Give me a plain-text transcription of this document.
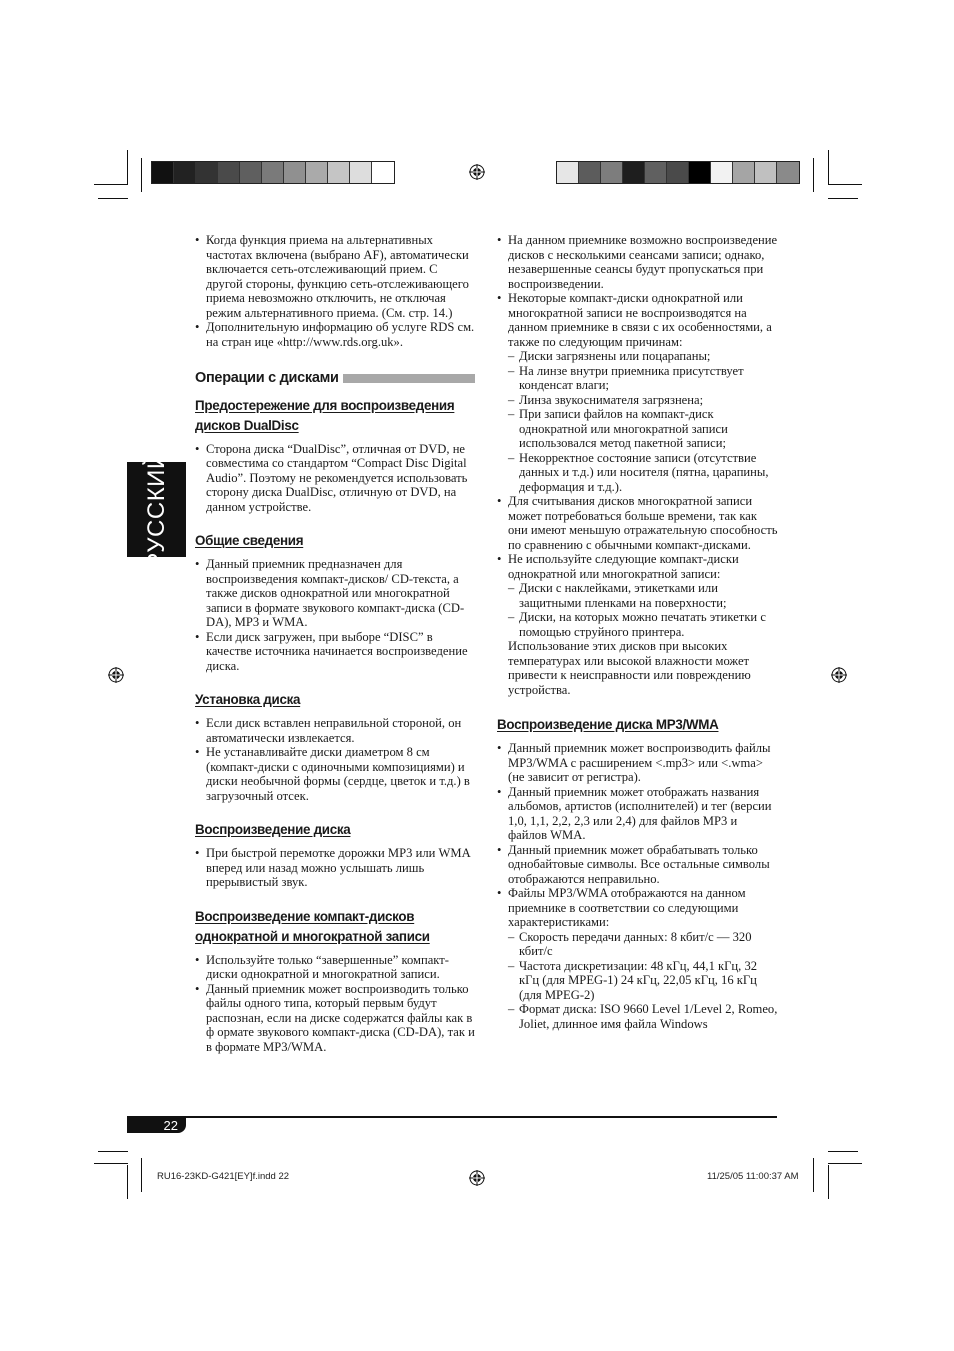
РУССКИЙ
• Когда функция приема на альтернативных частотах включена (выбрано AF), автоматически включается сеть-отслеживающий прием. С другой стороны, функцию сеть-отслеживающего приема невозможно отключить, не отключая режим альтернативного приема. (См. стр. 14.)
• Дополнительную информацию об услуге RDS см. на стран ице «http://www.rds.org.uk».
Операции с дисками
Предостережение для воспроизведения дисков DualDisc
• Сторона диска “DualDisc”, отличная от DVD, не совместима со стандартом “Compact Disc Digital Audio”. Поэтому не рекомендуется использовать сторону диска DualDisc, отличную от DVD, на данном устройстве.
Общие сведения
• Данный приемник предназначен для воспроизведения компакт-дисков/ CD-текста, а также дисков однократной или многократной записи в формате звукового компакт-диска (CD-DA), MP3 и WMA.
• Если диск загружен, при выборе “DISC” в качестве источника начинается воспроизведение диска.
Установка диска
• Если диск вставлен неправильной стороной, он автоматически извлекается.
• Не устанавливайте диски диаметром 8 см (компакт-диски с одиночными композициями) и диски необычной формы (сердце, цветок и т.д.) в загрузочный отсек.
Воспроизведение диска
• При быстрой перемотке дорожки MP3 или WMA вперед или назад можно услышать лишь прерывистый звук.
Воспроизведение компакт-дисков однократной и многократной записи
• Используйте только “завершенные” компакт-диски однократной и многократной записи.
• Данный приемник может воспроизводить только файлы одного типа, который первым будут распознан, если на диске содержатся файлы как в ф ормате звукового компакт-диска (CD-DA), так и в формате MP3/WMA.
• На данном приемнике возможно воспроизведение дисков с несколькими сеансами записи; однако, незавершенные сеансы будут пропускаться при воспроизведении.
• Некоторые компакт-диски однократной или многократной записи не воспроизводятся на данном приемнике в связи с их особенностями, а также по следующим причинам:
– Диски загрязнены или поцарапаны;
– На линзе внутри приемника присутствует конденсат влаги;
– Линза звукоснимателя загрязнена;
– При записи файлов на компакт-диск однократной или многократной записи использовался метод пакетной записи;
– Некорректное состояние записи (отсутствие данных и т.д.) или носителя (пятна, царапины, деформация и т.д.).
• Для считывания дисков многократной записи может потребоваться больше времени, так как они имеют меньшую отражательную способность по сравнению с обычными компакт-дисками.
• Не используйте следующие компакт-диски однократной или многократной записи:
– Диски с наклейками, этикетками или защитными пленками на поверхности;
– Диски, на которых можно печатать этикетки с помощью струйного принтера.
Использование этих дисков при высоких температурах или высокой влажности может привести к неисправности или повреждению устройства.
Воспроизведение диска MP3/WMA
• Данный приемник может воспроизводить файлы MP3/WMA с расширением <.mp3> или <.wma> (не зависит от регистра).
• Данный приемник может отображать названия альбомов, артистов (исполнителей) и тег (версии 1,0, 1,1, 2,2, 2,3 или 2,4) для файлов MP3 и файлов WMA.
• Данный приемник может обрабатывать только однобайтовые символы. Все остальные символы отображаются неправильно.
• Файлы MP3/WMA отображаются на данном приемнике в соответствии со следующими характеристиками:
– Скорость передачи данных: 8 кбит/с — 320 кбит/с
– Частота дискретизации: 48 кГц, 44,1 кГц, 32 кГц (для MPEG-1) 24 кГц, 22,05 кГц, 16 кГц (для MPEG-2)
– Формат диска: ISO 9660 Level 1/Level 2, Romeo, Joliet, длинное имя файла Windows
22
RU16-23KD-G421[EY]f.indd 22	11/25/05 11:00:37 AM
